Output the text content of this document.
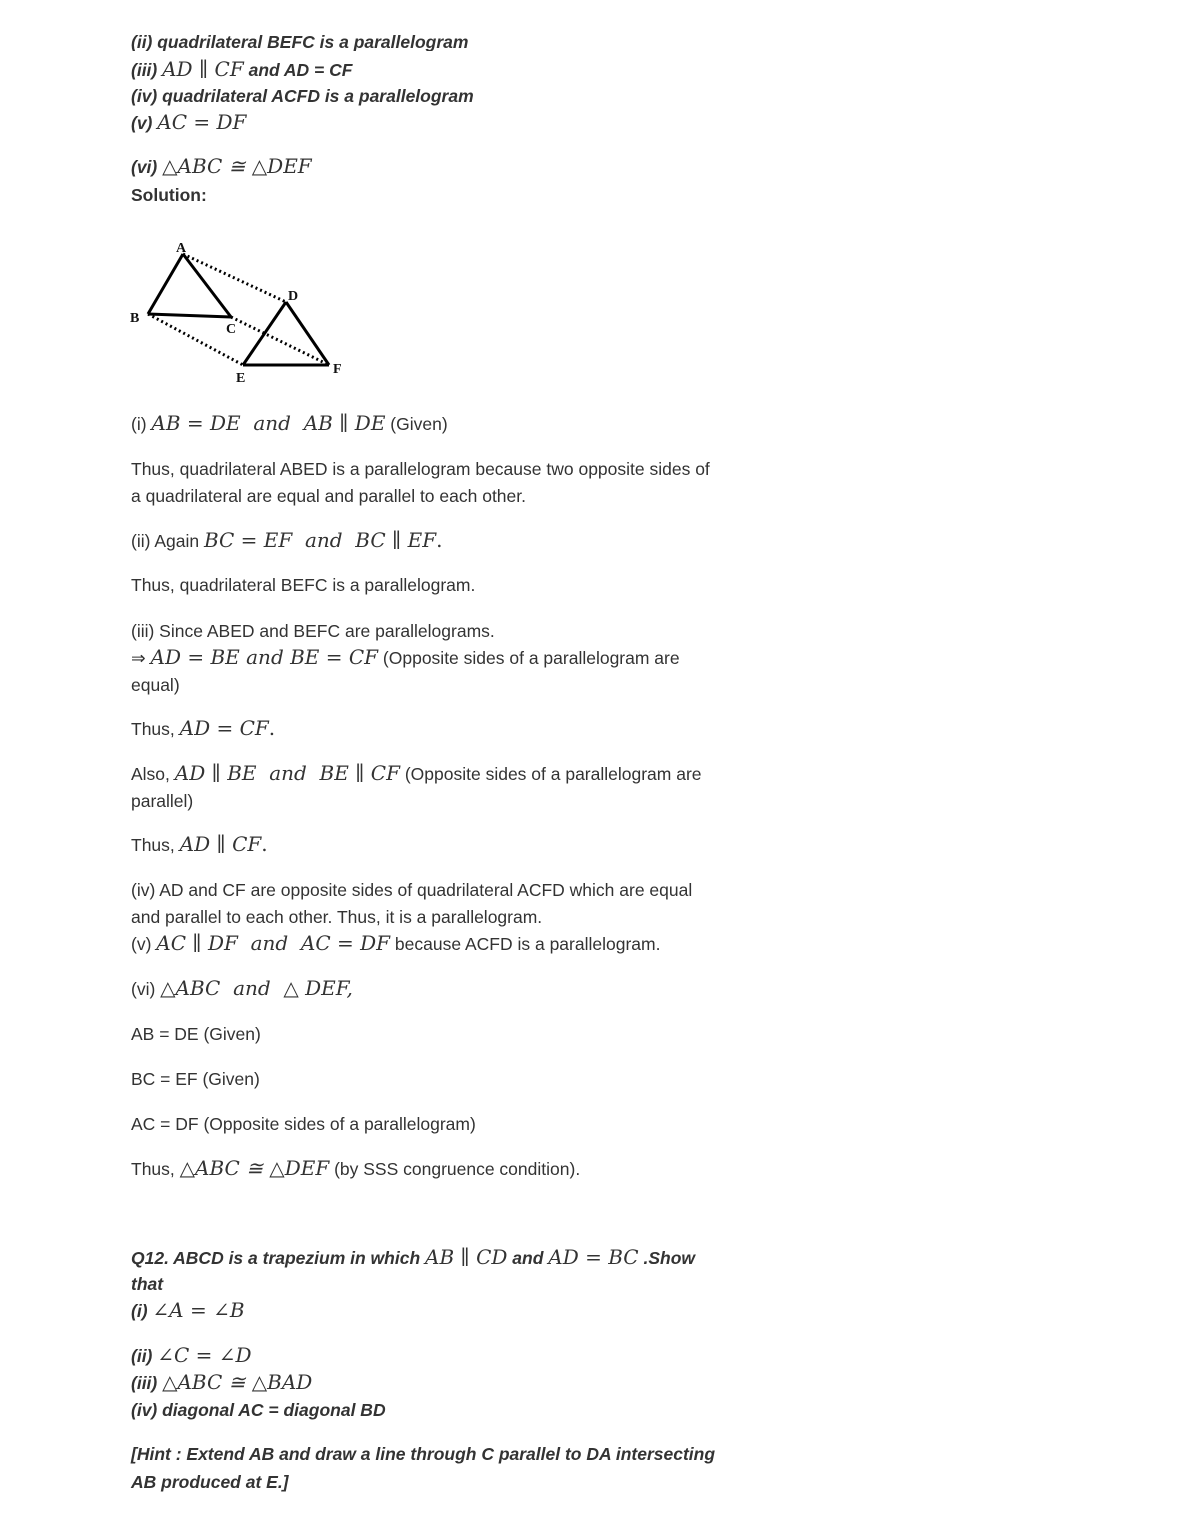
(ii) quadrilateral BEFC is a parallelogram
(iii) AD ∥ CF and AD = CF
(iv) quadrilateral ACFD is a parallelogram
(v) AC = DF
(vi) △ABC ≅ △DEF
Solution:
A
B
C
D
E
F
(i) AB = DE  and  AB ∥ DE (Given)
Thus, quadrilateral ABED is a parallelogram because two opposite sides of
a quadrilateral are equal and parallel to each other.
(ii) Again BC = EF  and  BC ∥ EF.
Thus, quadrilateral BEFC is a parallelogram.
(iii) Since ABED and BEFC are parallelograms.
⇒ AD = BE and BE = CF (Opposite sides of a parallelogram are
equal)
Thus, AD = CF.
Also, AD ∥ BE  and  BE ∥ CF (Opposite sides of a parallelogram are
parallel)
Thus, AD ∥ CF.
(iv) AD and CF are opposite sides of quadrilateral ACFD which are equal
and parallel to each other. Thus, it is a parallelogram.
(v) AC ∥ DF  and  AC = DF because ACFD is a parallelogram.
(vi) △ABC  and  △ DEF,
AB = DE (Given)
BC = EF (Given)
AC = DF (Opposite sides of a parallelogram)
Thus, △ABC ≅ △DEF (by SSS congruence condition).
Q12. ABCD is a trapezium in which AB ∥ CD and AD = BC .Show
that
(i) ∠A = ∠B
(ii) ∠C = ∠D
(iii) △ABC ≅ △BAD
(iv) diagonal AC = diagonal BD
[Hint : Extend AB and draw a line through C parallel to DA intersecting
AB produced at E.]
